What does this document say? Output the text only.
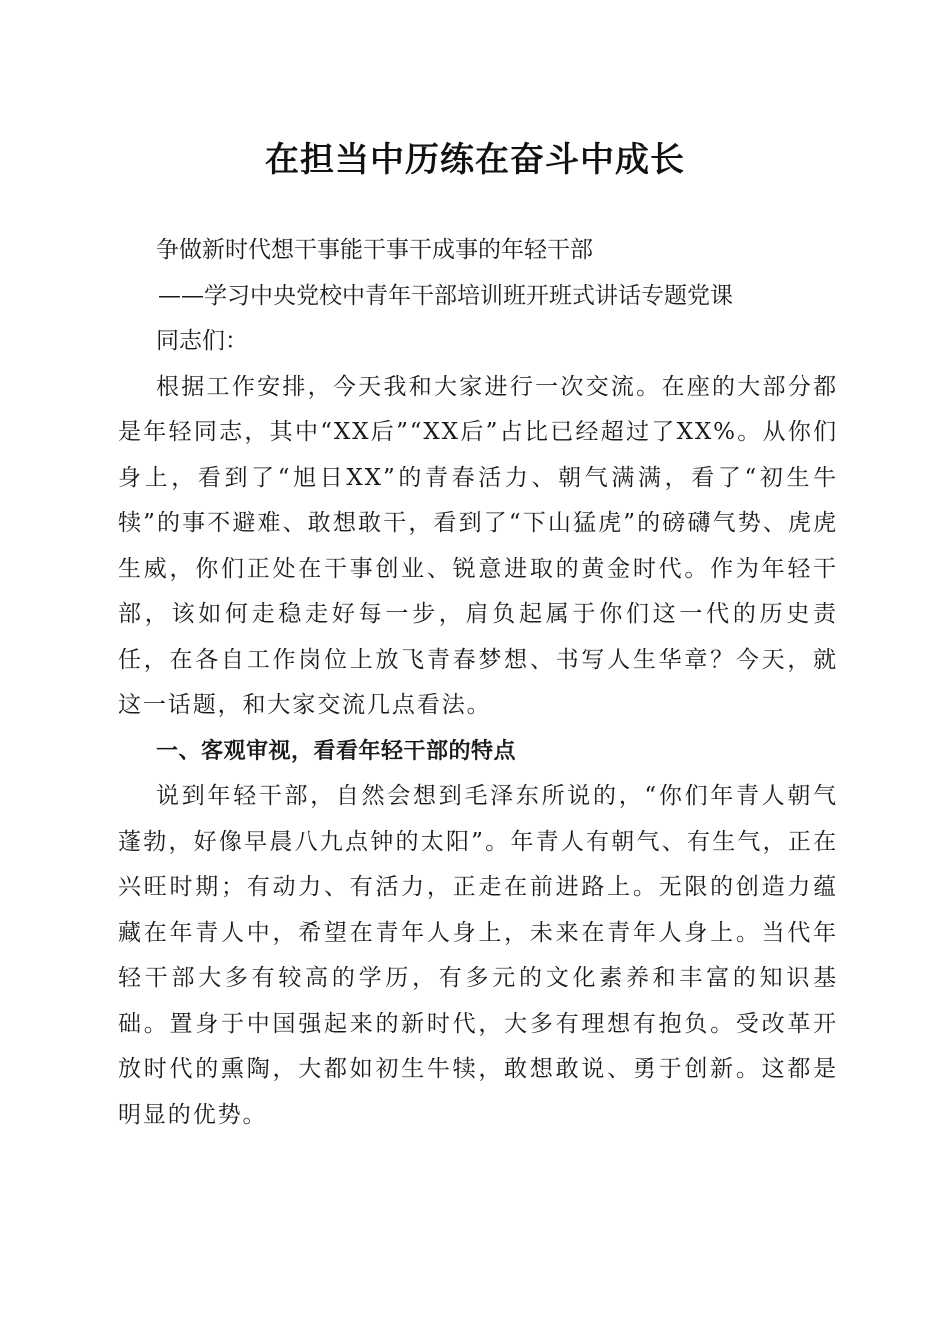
在担当中历练在奋斗中成长

争做新时代想干事能干事干成事的年轻干部

——学习中央党校中青年干部培训班开班式讲话专题党课

同志们：

根据工作安排，今天我和大家进行一次交流。在座的大部分都是年轻同志，其中“XX后”“XX后”占比已经超过了XX%。从你们身上，看到了“旭日XX”的青春活力、朝气满满，看了“初生牛犊”的事不避难、敢想敢干，看到了“下山猛虎”的磅礴气势、虎虎生威，你们正处在干事创业、锐意进取的黄金时代。作为年轻干部，该如何走稳走好每一步，肩负起属于你们这一代的历史责任，在各自工作岗位上放飞青春梦想、书写人生华章？今天，就这一话题，和大家交流几点看法。

一、客观审视，看看年轻干部的特点

说到年轻干部，自然会想到毛泽东所说的，“你们年青人朝气蓬勃，好像早晨八九点钟的太阳”。年青人有朝气、有生气，正在兴旺时期；有动力、有活力，正走在前进路上。无限的创造力蕴藏在年青人中，希望在青年人身上，未来在青年人身上。当代年轻干部大多有较高的学历，有多元的文化素养和丰富的知识基础。置身于中国强起来的新时代，大多有理想有抱负。受改革开放时代的熏陶，大都如初生牛犊，敢想敢说、勇于创新。这都是明显的优势。
